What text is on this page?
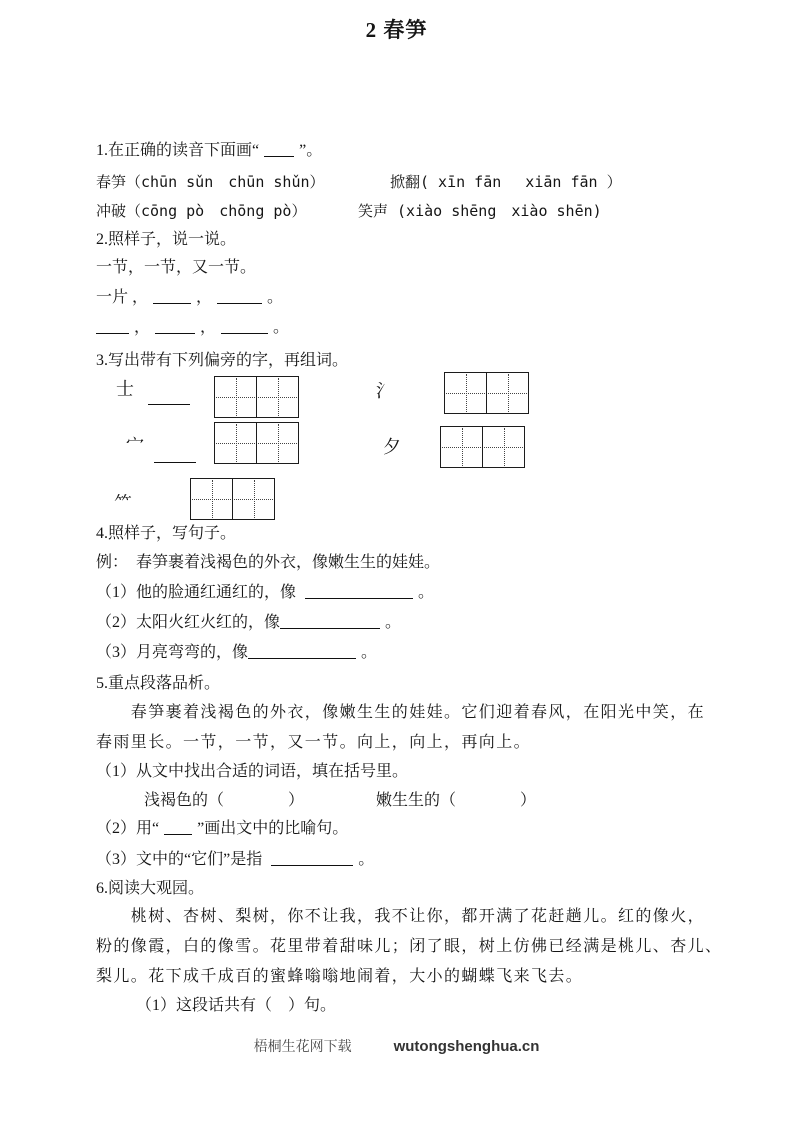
2 春笋

1.在正确的读音下面画“	”。

春笋（chūn sǔn　chūn shǔn）	掀翻( xīn fān　 xiān fān ）

冲破（cōng pò　chōng pò）	笑声 (xiào shēng　xiào shēn)

2.照样子，说一说。

一节，一节，又一节。

一片 ，	，	。

，	，	。

3.写出带有下列偏旁的字，再组词。

士	氵
宀	夕
⺮

4.照样子，写句子。

例：　春笋裹着浅褐色的外衣，像嫩生生的娃娃。

（1）他的脸通红通红的，像	。

（2）太阳火红火红的，像	。

（3）月亮弯弯的，像	。

5.重点段落品析。

　　春笋裹着浅褐色的外衣，像嫩生生的娃娃。它们迎着春风，在阳光中笑，在

春雨里长。一节，一节，又一节。向上，向上，再向上。

（1）从文中找出合适的词语，填在括号里。

　　　浅褐色的（　　　　）　　　　　嫩生生的（　　　　）

（2）用“ ”画出文中的比喻句。

（3）文中的“它们”是指	。

6.阅读大观园。

　　桃树、杏树、梨树，你不让我，我不让你，都开满了花赶趟儿。红的像火，

粉的像霞，白的像雪。花里带着甜味儿；闭了眼，树上仿佛已经满是桃儿、杏儿、

梨儿。花下成千成百的蜜蜂嗡嗡地闹着，大小的蝴蝶飞来飞去。

　　　（1）这段话共有（　）句。

梧桐生花网下载	wutongshenghua.cn
